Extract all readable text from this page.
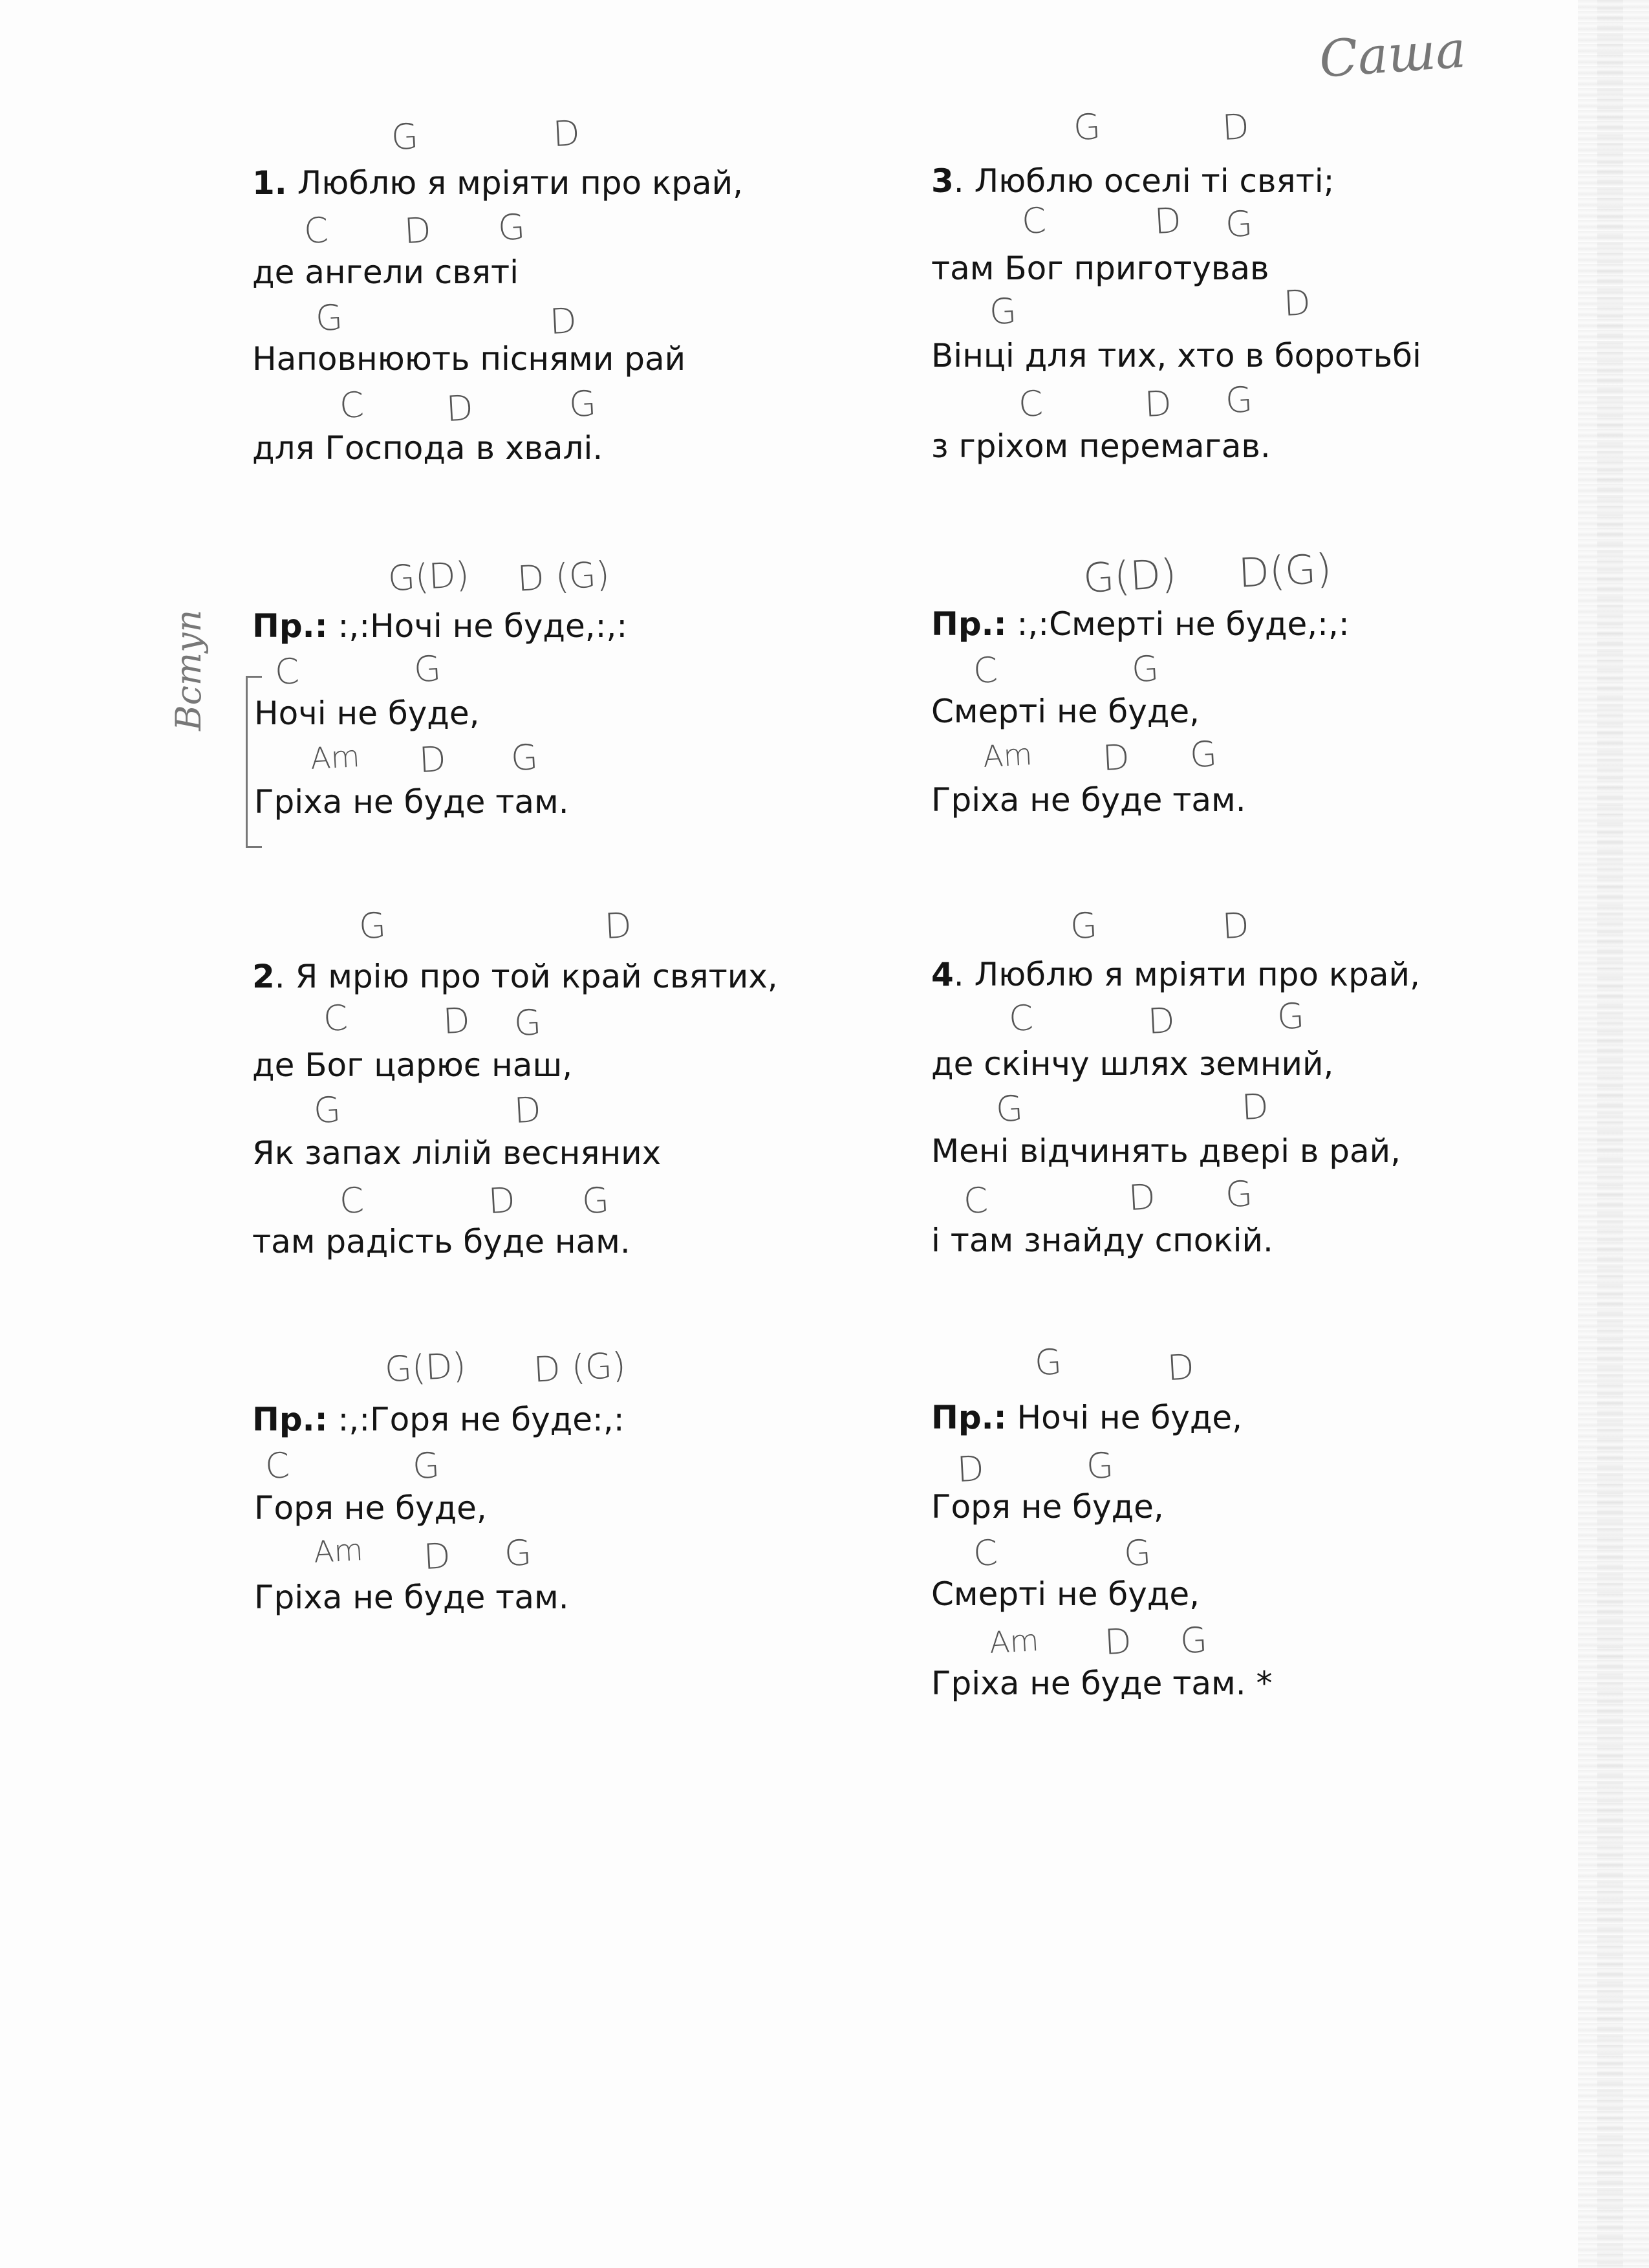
Саша
Вступ
G	D
1. Люблю я мріяти про край,
C D G
де ангели святі
G	D
Наповнюють піснями рай
C D	G
для Господа в хвалі.
G(D) D (G)
Пр.: :,:Ночі не буде,:,:
C	G
Ночі не буде,
Am D G
Гріха не буде там.
G	D
2. Я мрію про той край святих,
C	D G
де Бог царює наш,
G	D
Як запах лілій весняних
C	D G
там радість буде нам.
G(D) D (G)
Пр.: :,:Горя не буде:,:
C	G
Горя не буде,
Am D G
Гріха не буде там.
G	D
3. Люблю оселі ті святі;
C	D G
там Бог приготував
G	D
Вінці для тих, хто в боротьбі
C	D G
з гріхом перемагав.
G(D) D(G)
Пр.: :,:Смерті не буде,:,:
C	G
Смерті не буде,
Am D G
Гріха не буде там.
G	D
4. Люблю я мріяти про край,
C	D	G
де скінчу шлях земний,
G	D
Мені відчинять двері в рай,
C	D G
і там знайду спокій.
G	D
Пр.: Ночі не буде,
D	G
Горя не буде,
C	G
Смерті не буде,
Am D G
Гріха не буде там. *
